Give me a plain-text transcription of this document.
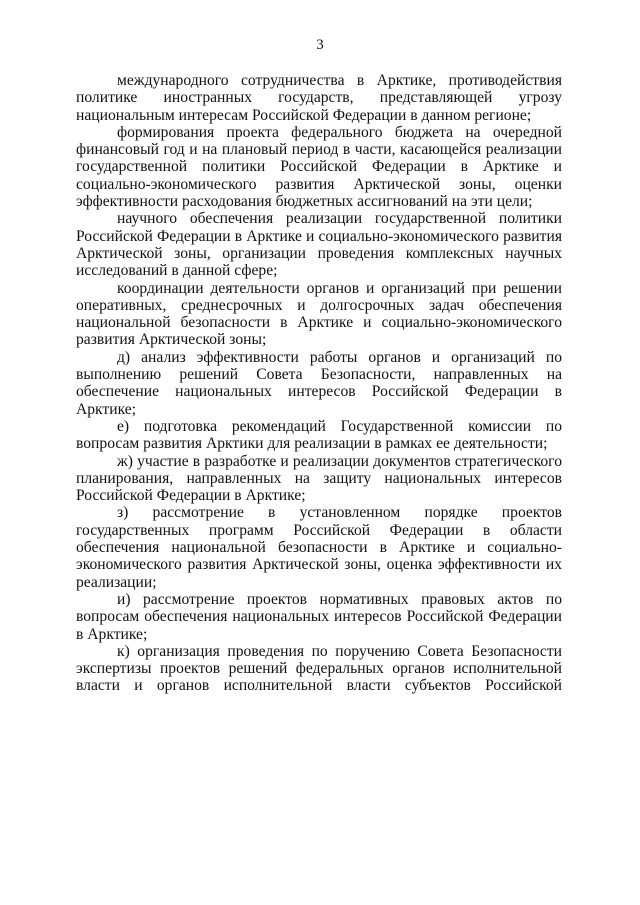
3

международного сотрудничества в Арктике, противодействия политике иностранных государств, представляющей угрозу национальным интересам Российской Федерации в данном регионе;

формирования проекта федерального бюджета на очередной финансовый год и на плановый период в части, касающейся реализации государственной политики Российской Федерации в Арктике и социально-экономического развития Арктической зоны, оценки эффективности расходования бюджетных ассигнований на эти цели;

научного обеспечения реализации государственной политики Российской Федерации в Арктике и социально-экономического развития Арктической зоны, организации проведения комплексных научных исследований в данной сфере;

координации деятельности органов и организаций при решении оперативных, среднесрочных и долгосрочных задач обеспечения национальной безопасности в Арктике и социально-экономического развития Арктической зоны;

д) анализ эффективности работы органов и организаций по выполнению решений Совета Безопасности, направленных на обеспечение национальных интересов Российской Федерации в Арктике;

е) подготовка рекомендаций Государственной комиссии по вопросам развития Арктики для реализации в рамках ее деятельности;

ж) участие в разработке и реализации документов стратегического планирования, направленных на защиту национальных интересов Российской Федерации в Арктике;

з) рассмотрение в установленном порядке проектов государственных программ Российской Федерации в области обеспечения национальной безопасности в Арктике и социально-экономического развития Арктической зоны, оценка эффективности их реализации;

и) рассмотрение проектов нормативных правовых актов по вопросам обеспечения национальных интересов Российской Федерации в Арктике;

к) организация проведения по поручению Совета Безопасности экспертизы проектов решений федеральных органов исполнительной власти и органов исполнительной власти субъектов Российской
